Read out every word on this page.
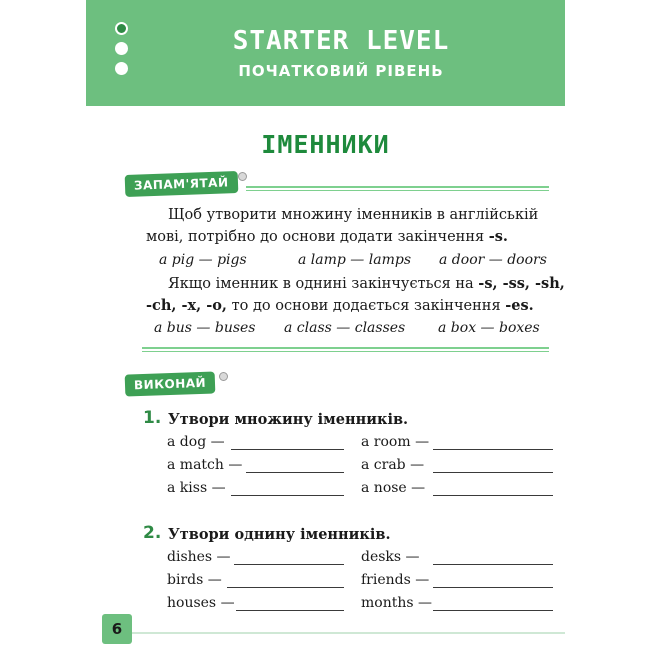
STARTER LEVEL
ПОЧАТКОВИЙ РІВЕНЬ
ІМЕННИКИ
ЗАПАМ'ЯТАЙ
Щоб утворити множину іменників в англійській
мові, потрібно до основи додати закінчення -s.
a pig — pigs	a lamp — lamps a door — doors
Якщо іменник в однині закінчується на -s, -ss, -sh,
-ch, -x, -o, то до основи додається закінчення -es.
a bus — buses a class — classes a box — boxes
ВИКОНАЙ
1. Утвори множину іменників.
a dog —	a room —
a match —	a crab —
a kiss —	a nose —
2. Утвори однину іменників.
dishes —	desks —
birds —	friends —
houses —	months —
6
